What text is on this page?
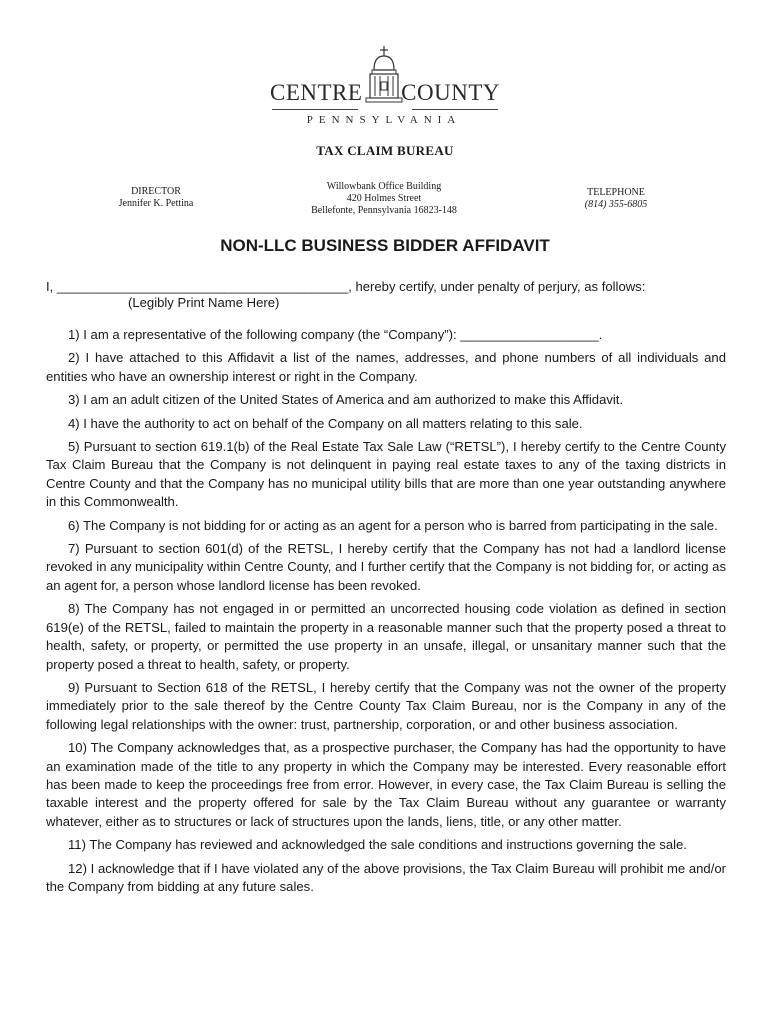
CENTRE COUNTY
PENNSYLVANIA
TAX CLAIM BUREAU
DIRECTOR
Jennifer K. Pettina
Willowbank Office Building
420 Holmes Street
Bellefonte, Pennsylvania 16823-148
TELEPHONE
(814) 355-6805
NON-LLC BUSINESS BIDDER AFFIDAVIT
I, ________________________________________, hereby certify, under penalty of perjury, as follows:
(Legibly Print Name Here)

1) I am a representative of the following company (the “Company”): ___________________.

2) I have attached to this Affidavit a list of the names, addresses, and phone numbers of all individuals and entities who have an ownership interest or right in the Company.

3) I am an adult citizen of the United States of America and am authorized to make this Affidavit.

4) I have the authority to act on behalf of the Company on all matters relating to this sale.

5) Pursuant to section 619.1(b) of the Real Estate Tax Sale Law (“RETSL”), I hereby certify to the Centre County Tax Claim Bureau that the Company is not delinquent in paying real estate taxes to any of the taxing districts in Centre County and that the Company has no municipal utility bills that are more than one year outstanding anywhere in this Commonwealth.

6) The Company is not bidding for or acting as an agent for a person who is barred from participating in the sale.

7) Pursuant to section 601(d) of the RETSL, I hereby certify that the Company has not had a landlord license revoked in any municipality within Centre County, and I further certify that the Company is not bidding for, or acting as an agent for, a person whose landlord license has been revoked.

8) The Company has not engaged in or permitted an uncorrected housing code violation as defined in section 619(e) of the RETSL, failed to maintain the property in a reasonable manner such that the property posed a threat to health, safety, or property, or permitted the use property in an unsafe, illegal, or unsanitary manner such that the property posed a threat to health, safety, or property.

9) Pursuant to Section 618 of the RETSL, I hereby certify that the Company was not the owner of the property immediately prior to the sale thereof by the Centre County Tax Claim Bureau, nor is the Company in any of the following legal relationships with the owner: trust, partnership, corporation, or and other business association.

10) The Company acknowledges that, as a prospective purchaser, the Company has had the opportunity to have an examination made of the title to any property in which the Company may be interested. Every reasonable effort has been made to keep the proceedings free from error. However, in every case, the Tax Claim Bureau is selling the taxable interest and the property offered for sale by the Tax Claim Bureau without any guarantee or warranty whatever, either as to structures or lack of structures upon the lands, liens, title, or any other matter.

11) The Company has reviewed and acknowledged the sale conditions and instructions governing the sale.

12) I acknowledge that if I have violated any of the above provisions, the Tax Claim Bureau will prohibit me and/or the Company from bidding at any future sales.
